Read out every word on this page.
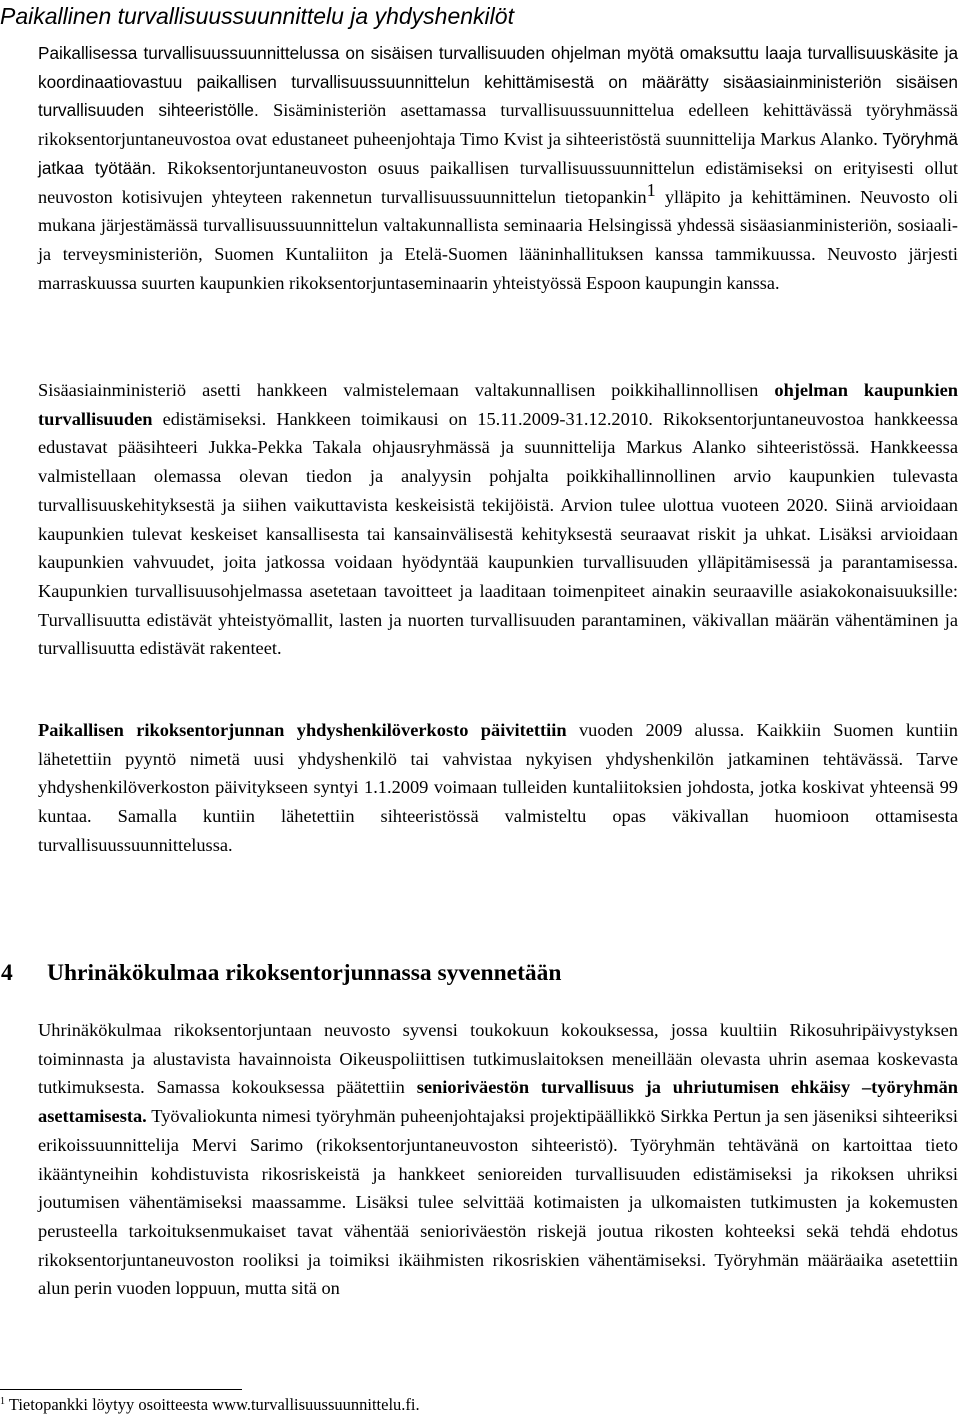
Paikallinen turvallisuussuunnittelu ja yhdyshenkilöt

Paikallisessa turvallisuussuunnittelussa on sisäisen turvallisuuden ohjelman myötä omaksuttu laaja turvallisuuskäsite ja koordinaatiovastuu paikallisen turvallisuussuunnittelun kehittämisestä on määrätty sisäasiainministeriön sisäisen turvallisuuden sihteeristölle. Sisäministeriön asettamassa turvallisuussuunnittelua edelleen kehittävässä työryhmässä rikoksentorjuntaneuvostoa ovat edustaneet puheenjohtaja Timo Kvist ja sihteeristöstä suunnittelija Markus Alanko. Työryhmä jatkaa työtään. Rikoksentorjuntaneuvoston osuus paikallisen turvallisuussuunnittelun edistämiseksi on erityisesti ollut neuvoston kotisivujen yhteyteen rakennetun turvallisuussuunnittelun tietopankin$^1$ ylläpito ja kehittäminen. Neuvosto oli mukana järjestämässä turvallisuussuunnittelun valtakunnallista seminaaria Helsingissä yhdessä sisäasianministeriön, sosiaali- ja terveysministeriön, Suomen Kuntaliiton ja Etelä-Suomen lääninhallituksen kanssa tammikuussa. Neuvosto järjesti marraskuussa suurten kaupunkien rikoksentorjuntaseminaarin yhteistyössä Espoon kaupungin kanssa.

Sisäasiainministeriö asetti hankkeen valmistelemaan valtakunnallisen poikkihallinnollisen ohjelman kaupunkien turvallisuuden edistämiseksi. Hankkeen toimikausi on 15.11.2009-31.12.2010. Rikoksentorjuntaneuvostoa hankkeessa edustavat pääsihteeri Jukka-Pekka Takala ohjausryhmässä ja suunnittelija Markus Alanko sihteeristössä. Hankkeessa valmistellaan olemassa olevan tiedon ja analyysin pohjalta poikkihallinnollinen arvio kaupunkien tulevasta turvallisuuskehityksestä ja siihen vaikuttavista keskeisistä tekijöistä. Arvion tulee ulottua vuoteen 2020. Siinä arvioidaan kaupunkien tulevat keskeiset kansallisesta tai kansainvälisestä kehityksestä seuraavat riskit ja uhkat. Lisäksi arvioidaan kaupunkien vahvuudet, joita jatkossa voidaan hyödyntää kaupunkien turvallisuuden ylläpitämisessä ja parantamisessa. Kaupunkien turvallisuusohjelmassa asetetaan tavoitteet ja laaditaan toimenpiteet ainakin seuraaville asiakokonaisuuksille: Turvallisuutta edistävät yhteistyömallit, lasten ja nuorten turvallisuuden parantaminen, väkivallan määrän vähentäminen ja turvallisuutta edistävät rakenteet.

Paikallisen rikoksentorjunnan yhdyshenkilöverkosto päivitettiin vuoden 2009 alussa. Kaikkiin Suomen kuntiin lähetettiin pyyntö nimetä uusi yhdyshenkilö tai vahvistaa nykyisen yhdyshenkilön jatkaminen tehtävässä. Tarve yhdyshenkilöverkoston päivitykseen syntyi 1.1.2009 voimaan tulleiden kuntaliitoksien johdosta, jotka koskivat yhteensä 99 kuntaa. Samalla kuntiin lähetettiin sihteeristössä valmisteltu opas väkivallan huomioon ottamisesta turvallisuussuunnittelussa.

4 Uhrinäkökulmaa rikoksentorjunnassa syvennetään

Uhrinäkökulmaa rikoksentorjuntaan neuvosto syvensi toukokuun kokouksessa, jossa kuultiin Rikosuhripäivystyksen toiminnasta ja alustavista havainnoista Oikeuspoliittisen tutkimuslaitoksen meneillään olevasta uhrin asemaa koskevasta tutkimuksesta. Samassa kokouksessa päätettiin senioriväestön turvallisuus ja uhriutumisen ehkäisy –työryhmän asettamisesta. Työvaliokunta nimesi työryhmän puheenjohtajaksi projektipäällikkö Sirkka Pertun ja sen jäseniksi sihteeriksi erikoissuunnittelija Mervi Sarimo (rikoksentorjuntaneuvoston sihteeristö). Työryhmän tehtävänä on kartoittaa tieto ikääntyneihin kohdistuvista rikosriskeistä ja hankkeet senioreiden turvallisuuden edistämiseksi ja rikoksen uhriksi joutumisen vähentämiseksi maassamme. Lisäksi tulee selvittää kotimaisten ja ulkomaisten tutkimusten ja kokemusten perusteella tarkoituksenmukaiset tavat vähentää senioriväestön riskejä joutua rikosten kohteeksi sekä tehdä ehdotus rikoksentorjuntaneuvoston rooliksi ja toimiksi ikäihmisten rikosriskien vähentämiseksi. Työryhmän määräaika asetettiin alun perin vuoden loppuun, mutta sitä on

$^1$ Tietopankki löytyy osoitteesta www.turvallisuussuunnittelu.fi.
